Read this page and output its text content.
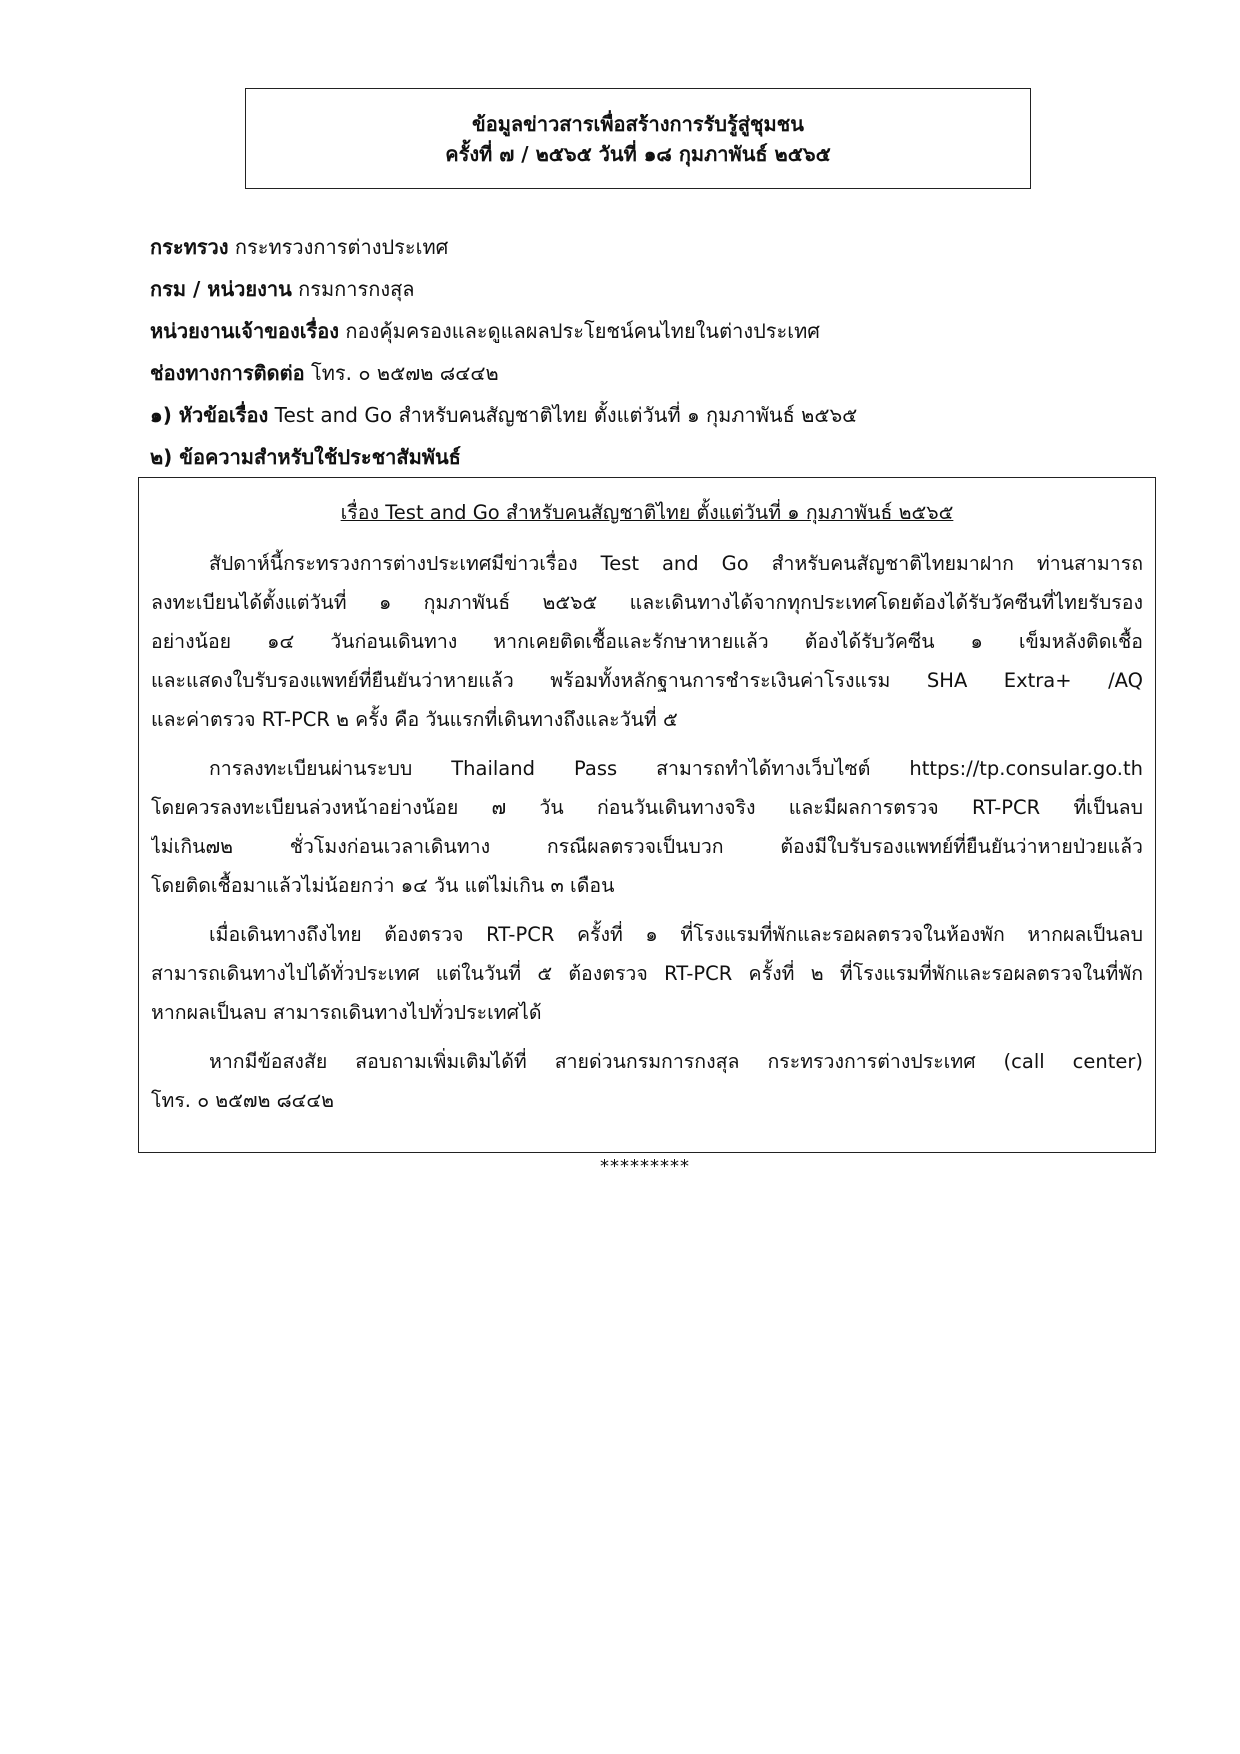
ข้อมูลข่าวสารเพื่อสร้างการรับรู้สู่ชุมชน
ครั้งที่ ๗ / ๒๕๖๕ วันที่ ๑๘ กุมภาพันธ์ ๒๕๖๕
กระทรวง กระทรวงการต่างประเทศ
กรม / หน่วยงาน กรมการกงสุล
หน่วยงานเจ้าของเรื่อง กองคุ้มครองและดูแลผลประโยชน์คนไทยในต่างประเทศ
ช่องทางการติดต่อ โทร. ๐ ๒๕๗๒ ๘๔๔๒
๑) หัวข้อเรื่อง Test and Go สำหรับคนสัญชาติไทย ตั้งแต่วันที่ ๑ กุมภาพันธ์ ๒๕๖๕
๒) ข้อความสำหรับใช้ประชาสัมพันธ์
เรื่อง Test and Go สำหรับคนสัญชาติไทย ตั้งแต่วันที่ ๑ กุมภาพันธ์ ๒๕๖๕
สัปดาห์นี้กระทรวงการต่างประเทศมีข่าวเรื่อง Test and Go สำหรับคนสัญชาติไทยมาฝาก ท่านสามารถ
ลงทะเบียนได้ตั้งแต่วันที่ ๑ กุมภาพันธ์ ๒๕๖๕ และเดินทางได้จากทุกประเทศโดยต้องได้รับวัคซีนที่ไทยรับรอง
อย่างน้อย ๑๔ วันก่อนเดินทาง หากเคยติดเชื้อและรักษาหายแล้ว ต้องได้รับวัคซีน ๑ เข็มหลังติดเชื้อ
และแสดงใบรับรองแพทย์ที่ยืนยันว่าหายแล้ว พร้อมทั้งหลักฐานการชำระเงินค่าโรงแรม SHA Extra+ /AQ
และค่าตรวจ RT-PCR ๒ ครั้ง คือ วันแรกที่เดินทางถึงและวันที่ ๕
การลงทะเบียนผ่านระบบ Thailand Pass สามารถทำได้ทางเว็บไซต์ https://tp.consular.go.th
โดยควรลงทะเบียนล่วงหน้าอย่างน้อย ๗ วัน ก่อนวันเดินทางจริง และมีผลการตรวจ RT-PCR ที่เป็นลบ
ไม่เกิน๗๒ ชั่วโมงก่อนเวลาเดินทาง กรณีผลตรวจเป็นบวก ต้องมีใบรับรองแพทย์ที่ยืนยันว่าหายป่วยแล้ว
โดยติดเชื้อมาแล้วไม่น้อยกว่า ๑๔ วัน แต่ไม่เกิน ๓ เดือน
เมื่อเดินทางถึงไทย ต้องตรวจ RT-PCR ครั้งที่ ๑ ที่โรงแรมที่พักและรอผลตรวจในห้องพัก หากผลเป็นลบ
สามารถเดินทางไปได้ทั่วประเทศ แต่ในวันที่ ๕ ต้องตรวจ RT-PCR ครั้งที่ ๒ ที่โรงแรมที่พักและรอผลตรวจในที่พัก
หากผลเป็นลบ สามารถเดินทางไปทั่วประเทศได้
หากมีข้อสงสัย สอบถามเพิ่มเติมได้ที่ สายด่วนกรมการกงสุล กระทรวงการต่างประเทศ (call center)
โทร. ๐ ๒๕๗๒ ๘๔๔๒
*********
